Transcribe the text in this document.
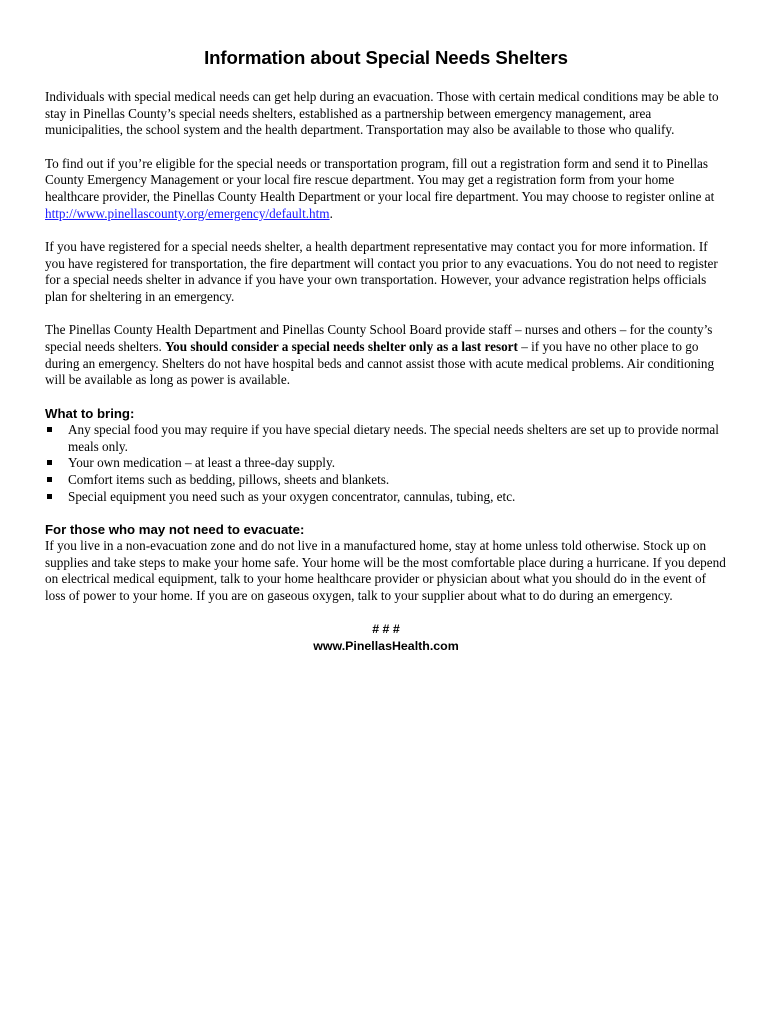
Information about Special Needs Shelters

Individuals with special medical needs can get help during an evacuation. Those with certain medical conditions may be able to stay in Pinellas County’s special needs shelters, established as a partnership between emergency management, area municipalities, the school system and the health department. Transportation may also be available to those who qualify.

To find out if you’re eligible for the special needs or transportation program, fill out a registration form and send it to Pinellas County Emergency Management or your local fire rescue department. You may get a registration form from your home healthcare provider, the Pinellas County Health Department or your local fire department. You may choose to register online at http://www.pinellascounty.org/emergency/default.htm.

If you have registered for a special needs shelter, a health department representative may contact you for more information. If you have registered for transportation, the fire department will contact you prior to any evacuations. You do not need to register for a special needs shelter in advance if you have your own transportation. However, your advance registration helps officials plan for sheltering in an emergency.

The Pinellas County Health Department and Pinellas County School Board provide staff – nurses and others – for the county’s special needs shelters. You should consider a special needs shelter only as a last resort – if you have no other place to go during an emergency. Shelters do not have hospital beds and cannot assist those with acute medical problems. Air conditioning will be available as long as power is available.

What to bring:
Any special food you may require if you have special dietary needs. The special needs shelters are set up to provide normal meals only.
Your own medication – at least a three-day supply.
Comfort items such as bedding, pillows, sheets and blankets.
Special equipment you need such as your oxygen concentrator, cannulas, tubing, etc.
For those who may not need to evacuate:

If you live in a non-evacuation zone and do not live in a manufactured home, stay at home unless told otherwise. Stock up on supplies and take steps to make your home safe. Your home will be the most comfortable place during a hurricane. If you depend on electrical medical equipment, talk to your home healthcare provider or physician about what you should do in the event of loss of power to your home. If you are on gaseous oxygen, talk to your supplier about what to do during an emergency.

# # #
www.PinellasHealth.com
